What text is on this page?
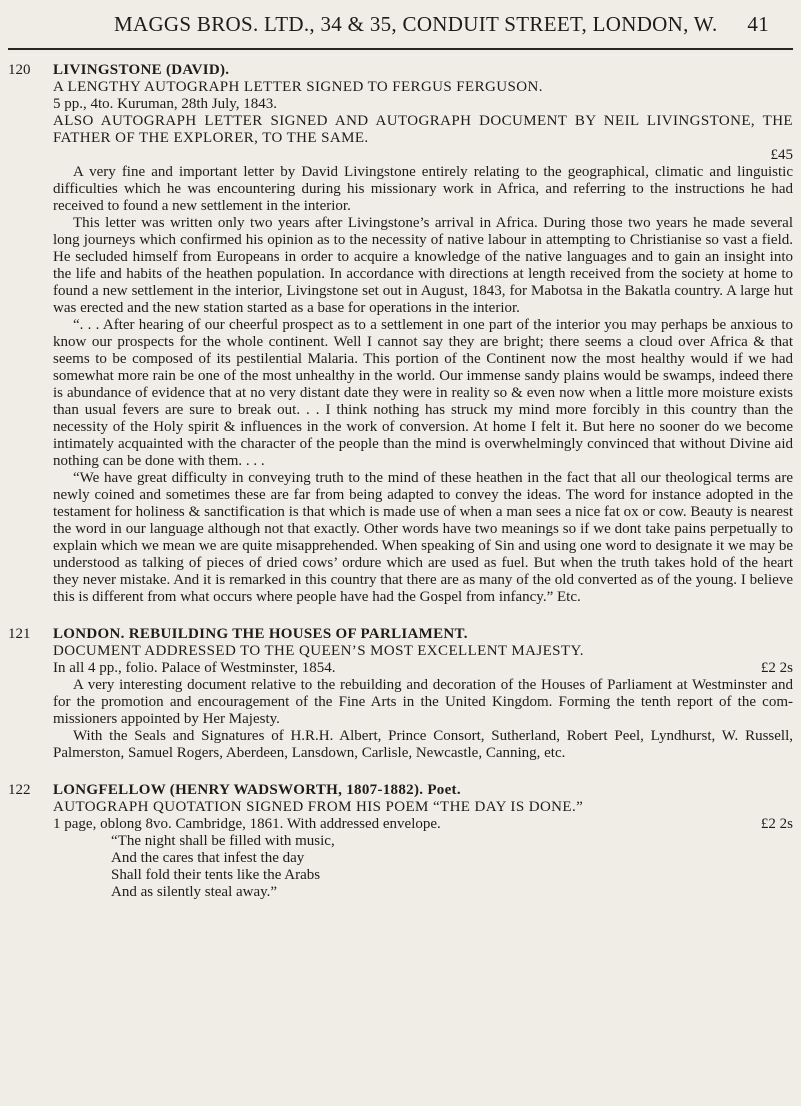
MAGGS BROS. LTD., 34 & 35, CONDUIT STREET, LONDON, W. 41
120	LIVINGSTONE (DAVID).
A LENGTHY AUTOGRAPH LETTER SIGNED TO FERGUS FERGUSON.
5 pp., 4to. Kuruman, 28th July, 1843.
ALSO AUTOGRAPH LETTER SIGNED AND AUTOGRAPH DOCUMENT BY NEIL LIVINGSTONE, THE FATHER OF THE EXPLORER, TO THE SAME.
£45
A very fine and important letter by David Livingstone entirely relating to the geographical, climatic and linguistic difficulties which he was encountering during his missionary work in Africa, and referring to the instructions he had received to found a new settlement in the interior.
This letter was written only two years after Livingstone’s arrival in Africa. During those two years he made several long journeys which confirmed his opinion as to the necessity of native labour in attempting to Christianise so vast a field. He secluded himself from Europeans in order to acquire a knowledge of the native languages and to gain an insight into the life and habits of the heathen population. In accordance with directions at length received from the society at home to found a new settlement in the interior, Livingstone set out in August, 1843, for Mabotsa in the Bakatla country. A large hut was erected and the new station started as a base for operations in the interior.
“. . . After hearing of our cheerful prospect as to a settlement in one part of the interior you may perhaps be anxious to know our prospects for the whole continent. Well I cannot say they are bright; there seems a cloud over Africa & that seems to be composed of its pestilential Malaria. This portion of the Continent now the most healthy would if we had somewhat more rain be one of the most unhealthy in the world. Our immense sandy plains would be swamps, indeed there is abundance of evidence that at no very distant date they were in reality so & even now when a little more moisture exists than usual fevers are sure to break out. . . I think nothing has struck my mind more forcibly in this country than the necessity of the Holy spirit & influences in the work of conversion. At home I felt it. But here no sooner do we become intimately acquainted with the character of the people than the mind is overwhelmingly convinced that without Divine aid nothing can be done with them. . . .
“We have great difficulty in conveying truth to the mind of these heathen in the fact that all our theological terms are newly coined and sometimes these are far from being adapted to convey the ideas. The word for instance adopted in the testament for holiness & sanctification is that which is made use of when a man sees a nice fat ox or cow. Beauty is nearest the word in our language although not that exactly. Other words have two meanings so if we dont take pains perpetually to explain which we mean we are quite misapprehended. When speaking of Sin and using one word to designate it we may be understood as talking of pieces of dried cows’ ordure which are used as fuel. But when the truth takes hold of the heart they never mistake. And it is remarked in this country that there are as many of the old converted as of the young. I believe this is different from what occurs where people have had the Gospel from infancy.” Etc.
121	LONDON. REBUILDING THE HOUSES OF PARLIAMENT.
DOCUMENT ADDRESSED TO THE QUEEN’S MOST EXCELLENT MAJESTY.
In all 4 pp., folio. Palace of Westminster, 1854.	£2 2s
A very interesting document relative to the rebuilding and decoration of the Houses of Parliament at Westminster and for the promotion and encouragement of the Fine Arts in the United Kingdom. Forming the tenth report of the com-missioners appointed by Her Majesty.
With the Seals and Signatures of H.R.H. Albert, Prince Consort, Sutherland, Robert Peel, Lyndhurst, W. Russell, Palmerston, Samuel Rogers, Aberdeen, Lansdown, Carlisle, Newcastle, Canning, etc.
122	LONGFELLOW (HENRY WADSWORTH, 1807-1882). Poet.
AUTOGRAPH QUOTATION SIGNED FROM HIS POEM “THE DAY IS DONE.”
1 page, oblong 8vo. Cambridge, 1861. With addressed envelope.	£2 2s
“The night shall be filled with music,
And the cares that infest the day
Shall fold their tents like the Arabs
And as silently steal away.”
